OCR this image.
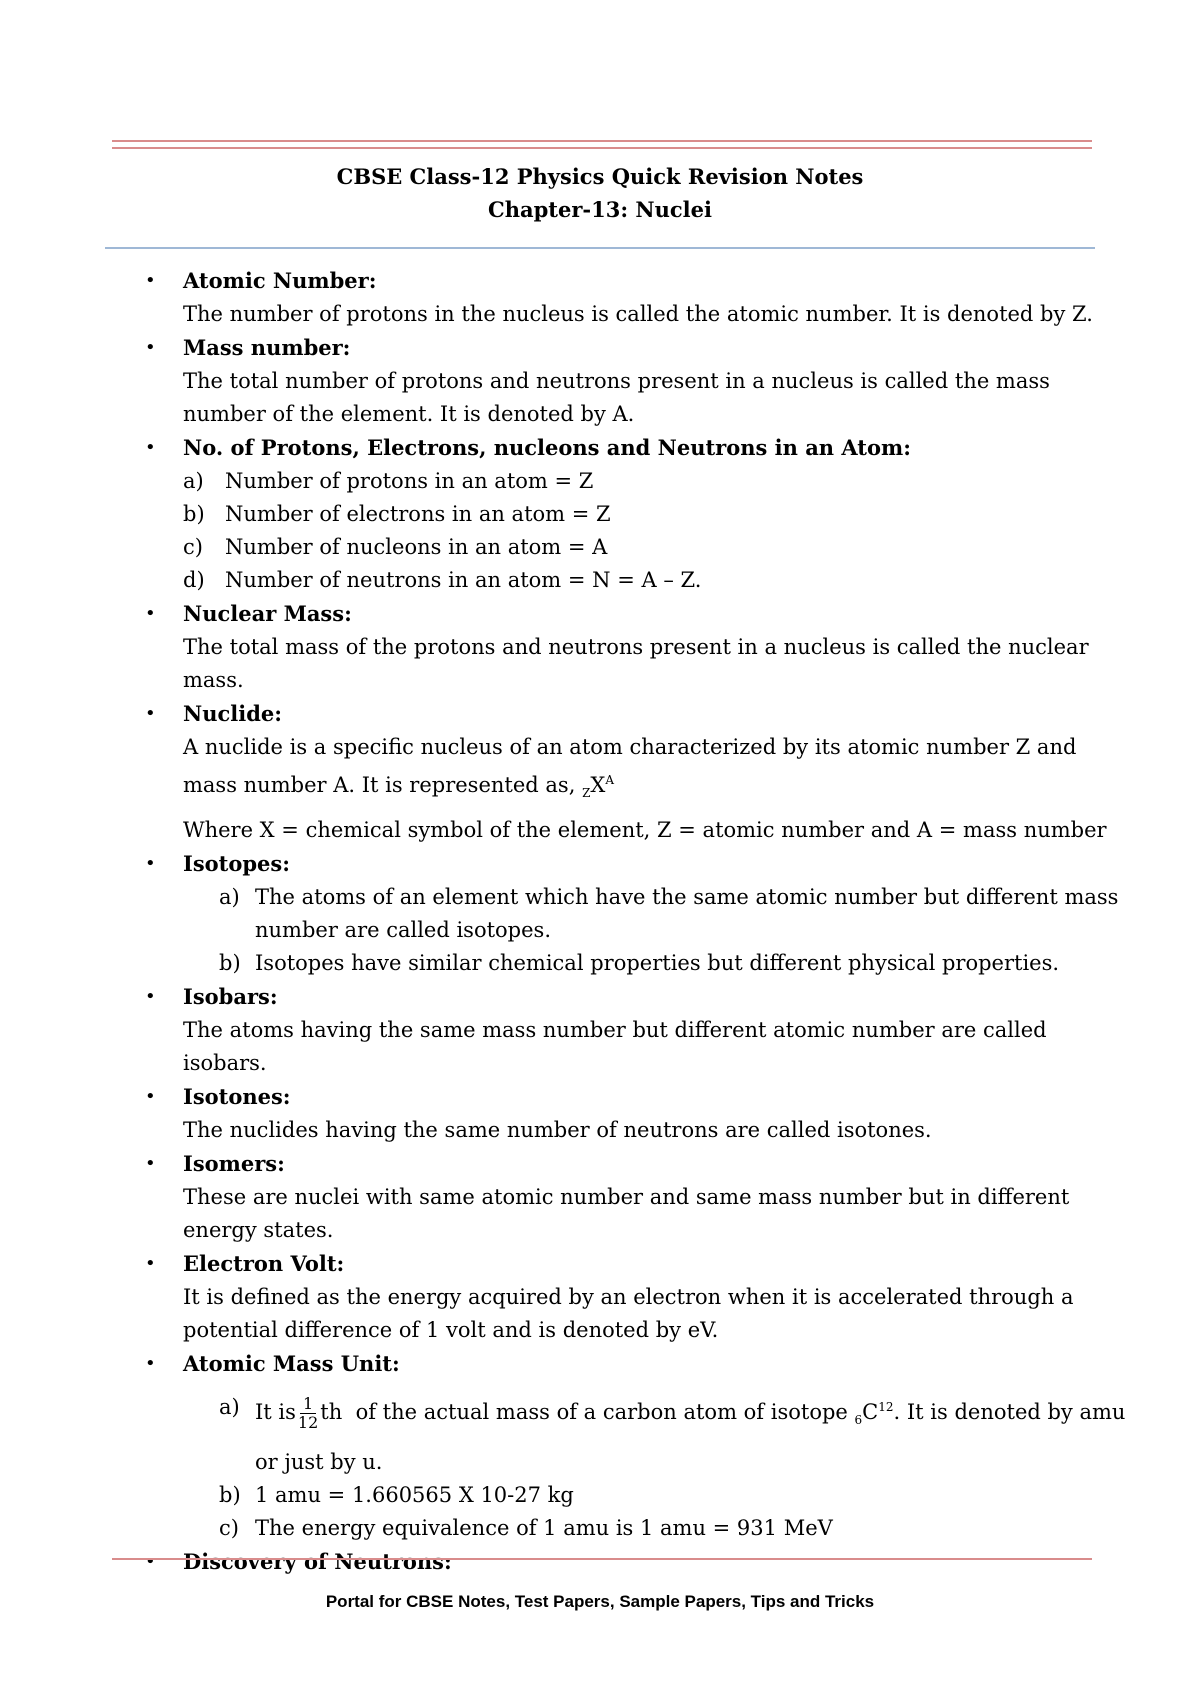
CBSE Class-12 Physics Quick Revision Notes
Chapter-13: Nuclei
• Atomic Number:
The number of protons in the nucleus is called the atomic number. It is denoted by Z.
• Mass number:
The total number of protons and neutrons present in a nucleus is called the mass number of the element. It is denoted by A.
• No. of Protons, Electrons, nucleons and Neutrons in an Atom:
a) Number of protons in an atom = Z
b) Number of electrons in an atom = Z
c) Number of nucleons in an atom = A
d) Number of neutrons in an atom = N = A – Z.
• Nuclear Mass:
The total mass of the protons and neutrons present in a nucleus is called the nuclear mass.
• Nuclide:
A nuclide is a specific nucleus of an atom characterized by its atomic number Z and mass number A. It is represented as, $_ZX^A$
Where X = chemical symbol of the element, Z = atomic number and A = mass number
• Isotopes:
a) The atoms of an element which have the same atomic number but different mass number are called isotopes.
b) Isotopes have similar chemical properties but different physical properties.
• Isobars:
The atoms having the same mass number but different atomic number are called isobars.
• Isotones:
The nuclides having the same number of neutrons are called isotones.
• Isomers:
These are nuclei with same atomic number and same mass number but in different energy states.
• Electron Volt:
It is defined as the energy acquired by an electron when it is accelerated through a potential difference of 1 volt and is denoted by eV.
• Atomic Mass Unit:
a) It is $\frac{1}{12}$ th of the actual mass of a carbon atom of isotope $_6C^{12}$. It is denoted by amu or just by u.
b) 1 amu = 1.660565 X 10-27 kg
c) The energy equivalence of 1 amu is 1 amu = 931 MeV
• Discovery of Neutrons:
Portal for CBSE Notes, Test Papers, Sample Papers, Tips and Tricks
